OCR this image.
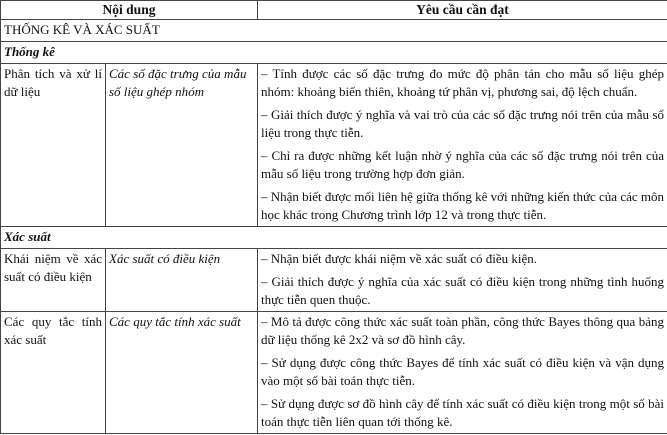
Nội dung		Yêu cầu cần đạt
THỐNG KÊ VÀ XÁC SUẤT		
Thống kê		
Phân tích và xử lí dữ liệu	Các số đặc trưng của mẫu số liệu ghép nhóm	– Tính được các số đặc trưng đo mức độ phân tán cho mẫu số liệu ghép nhóm: khoảng biến thiên, khoảng tứ phân vị, phương sai, độ lệch chuẩn.

– Giải thích được ý nghĩa và vai trò của các số đặc trưng nói trên của mẫu số liệu trong thực tiễn.

– Chỉ ra được những kết luận nhờ ý nghĩa của các số đặc trưng nói trên của mẫu số liệu trong trường hợp đơn giản.

– Nhận biết được mối liên hệ giữa thống kê với những kiến thức của các môn học khác trong Chương trình lớp 12 và trong thực tiễn.

Xác suất		
Khái niệm về xác suất có điều kiện	Xác suất có điều kiện	– Nhận biết được khái niệm về xác suất có điều kiện.

– Giải thích được ý nghĩa của xác suất có điều kiện trong những tình huống thực tiễn quen thuộc.

Các quy tắc tính xác suất	Các quy tắc tính xác suất	– Mô tả được công thức xác suất toàn phần, công thức Bayes thông qua bảng dữ liệu thống kê 2x2 và sơ đồ hình cây.

– Sử dụng được công thức Bayes để tính xác suất có điều kiện và vận dụng vào một số bài toán thực tiễn.

– Sử dụng được sơ đồ hình cây để tính xác suất có điều kiện trong một số bài toán thực tiễn liên quan tới thống kê.
